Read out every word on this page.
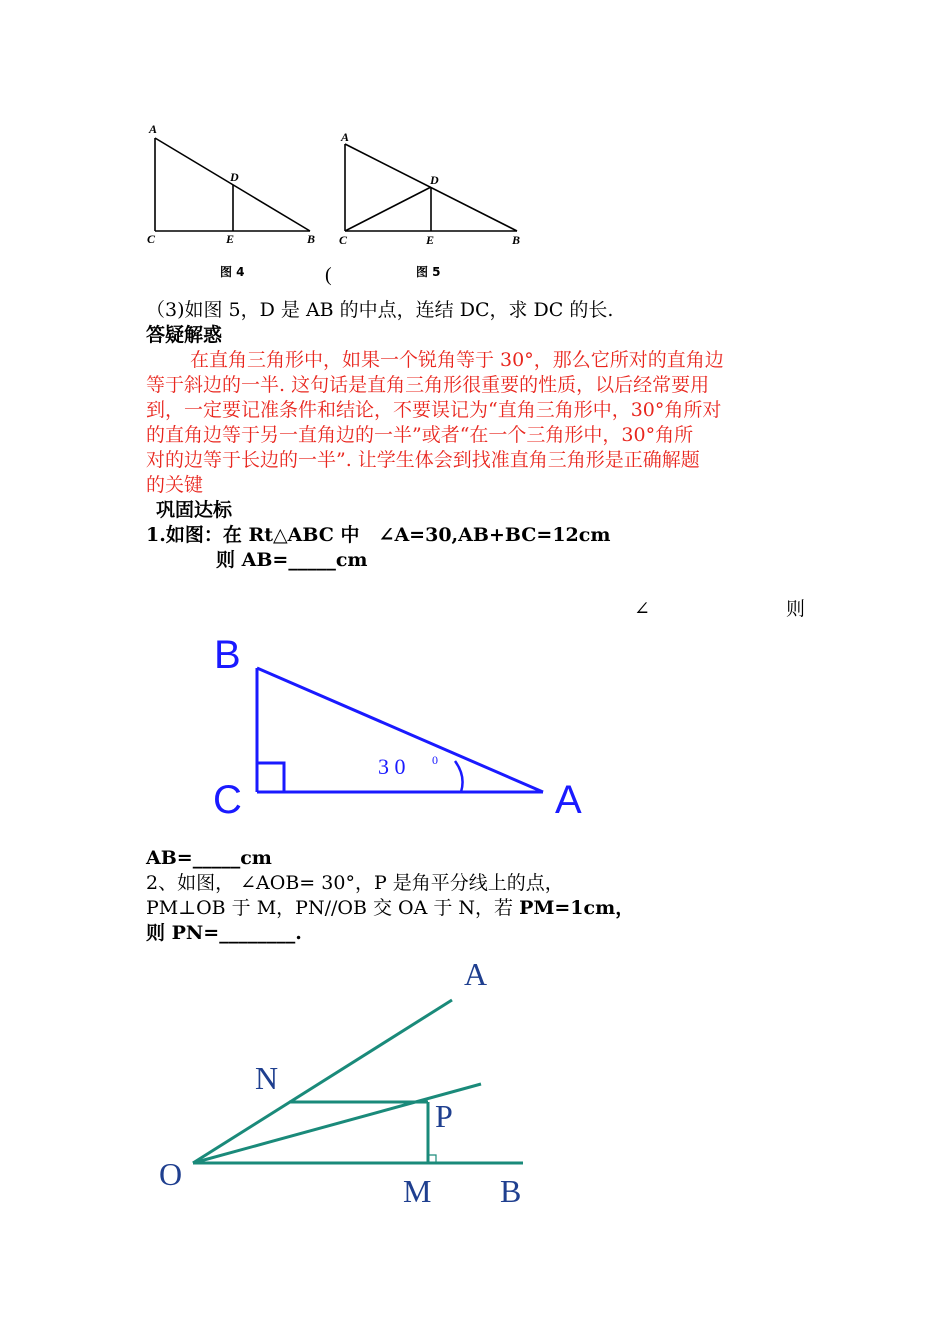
A
C
D
E	B
图 4
A
C
D
E	B
图 5
(
（3)如图 5，D 是 AB 的中点，连结 DC，求 DC 的长.
答疑解惑
在直角三角形中，如果一个锐角等于 30°，那么它所对的直角边
等于斜边的一半. 这句话是直角三角形很重要的性质，以后经常要用
到，一定要记准条件和结论，不要误记为“直角三角形中，30°角所对
的直角边等于另一直角边的一半”或者“在一个三角形中，30°角所
对的边等于长边的一半”. 让学生体会到找准直角三角形是正确解题
的关键
巩固达标
1.如图：在 Rt△ABC 中　∠A=30,AB+BC=12cm
则 AB=_____cm
∠	则
B
C	A
3 0 0
AB=_____cm
2、如图， ∠AOB= 30°，P 是角平分线上的点，
PM⊥OB 于 M，PN//OB 交 OA 于 N，若 PM=1cm，
则 PN=________.
A
N
P
O	M B
